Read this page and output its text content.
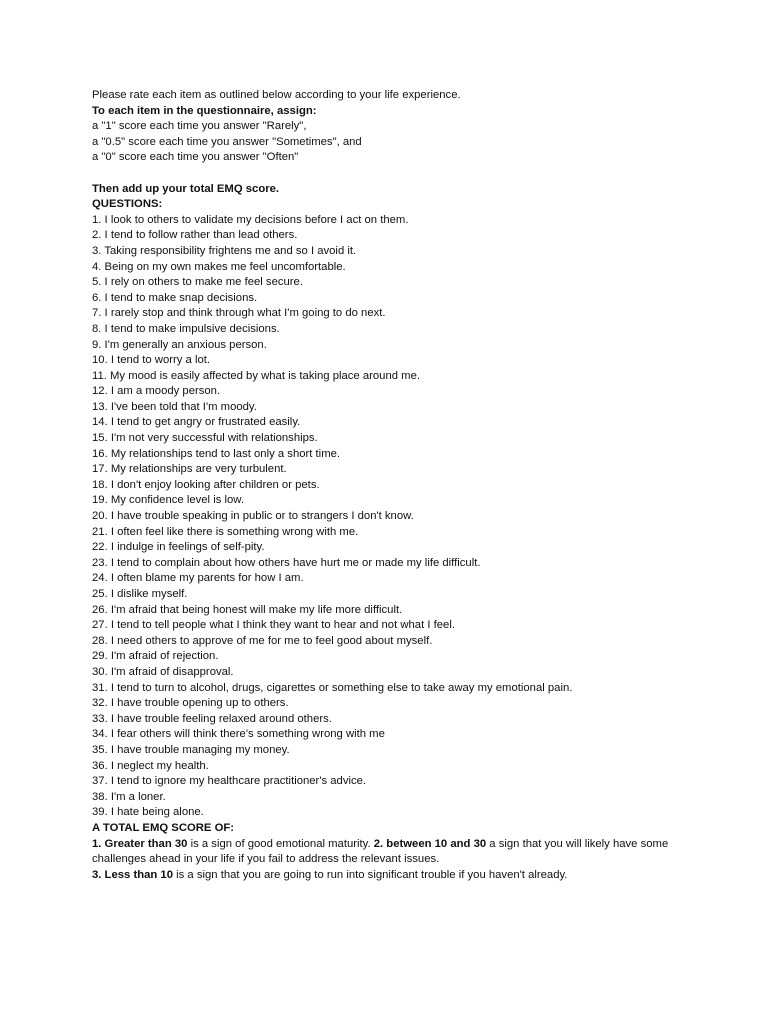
Please rate each item as outlined below according to your life experience.
To each item in the questionnaire, assign:
a "1" score each time you answer "Rarely",
a "0.5" score each time you answer "Sometimes", and
a "0" score each time you answer "Often"
Then add up your total EMQ score.
QUESTIONS:
1. I look to others to validate my decisions before I act on them.
2. I tend to follow rather than lead others.
3. Taking responsibility frightens me and so I avoid it.
4. Being on my own makes me feel uncomfortable.
5. I rely on others to make me feel secure.
6. I tend to make snap decisions.
7. I rarely stop and think through what I'm going to do next.
8. I tend to make impulsive decisions.
9. I'm generally an anxious person.
10. I tend to worry a lot.
11. My mood is easily affected by what is taking place around me.
12. I am a moody person.
13. I've been told that I'm moody.
14. I tend to get angry or frustrated easily.
15. I'm not very successful with relationships.
16. My relationships tend to last only a short time.
17. My relationships are very turbulent.
18. I don't enjoy looking after children or pets.
19. My confidence level is low.
20. I have trouble speaking in public or to strangers I don't know.
21. I often feel like there is something wrong with me.
22. I indulge in feelings of self-pity.
23. I tend to complain about how others have hurt me or made my life difficult.
24. I often blame my parents for how I am.
25. I dislike myself.
26. I'm afraid that being honest will make my life more difficult.
27. I tend to tell people what I think they want to hear and not what I feel.
28. I need others to approve of me for me to feel good about myself.
29. I'm afraid of rejection.
30. I'm afraid of disapproval.
31. I tend to turn to alcohol, drugs, cigarettes or something else to take away my emotional pain.
32. I have trouble opening up to others.
33. I have trouble feeling relaxed around others.
34. I fear others will think there's something wrong with me
35. I have trouble managing my money.
36. I neglect my health.
37. I tend to ignore my healthcare practitioner's advice.
38. I'm a loner.
39. I hate being alone.
A TOTAL EMQ SCORE OF:
1. Greater than 30 is a sign of good emotional maturity. 2. between 10 and 30 a sign that you will likely have some challenges ahead in your life if you fail to address the relevant issues.
3. Less than 10 is a sign that you are going to run into significant trouble if you haven't already.
